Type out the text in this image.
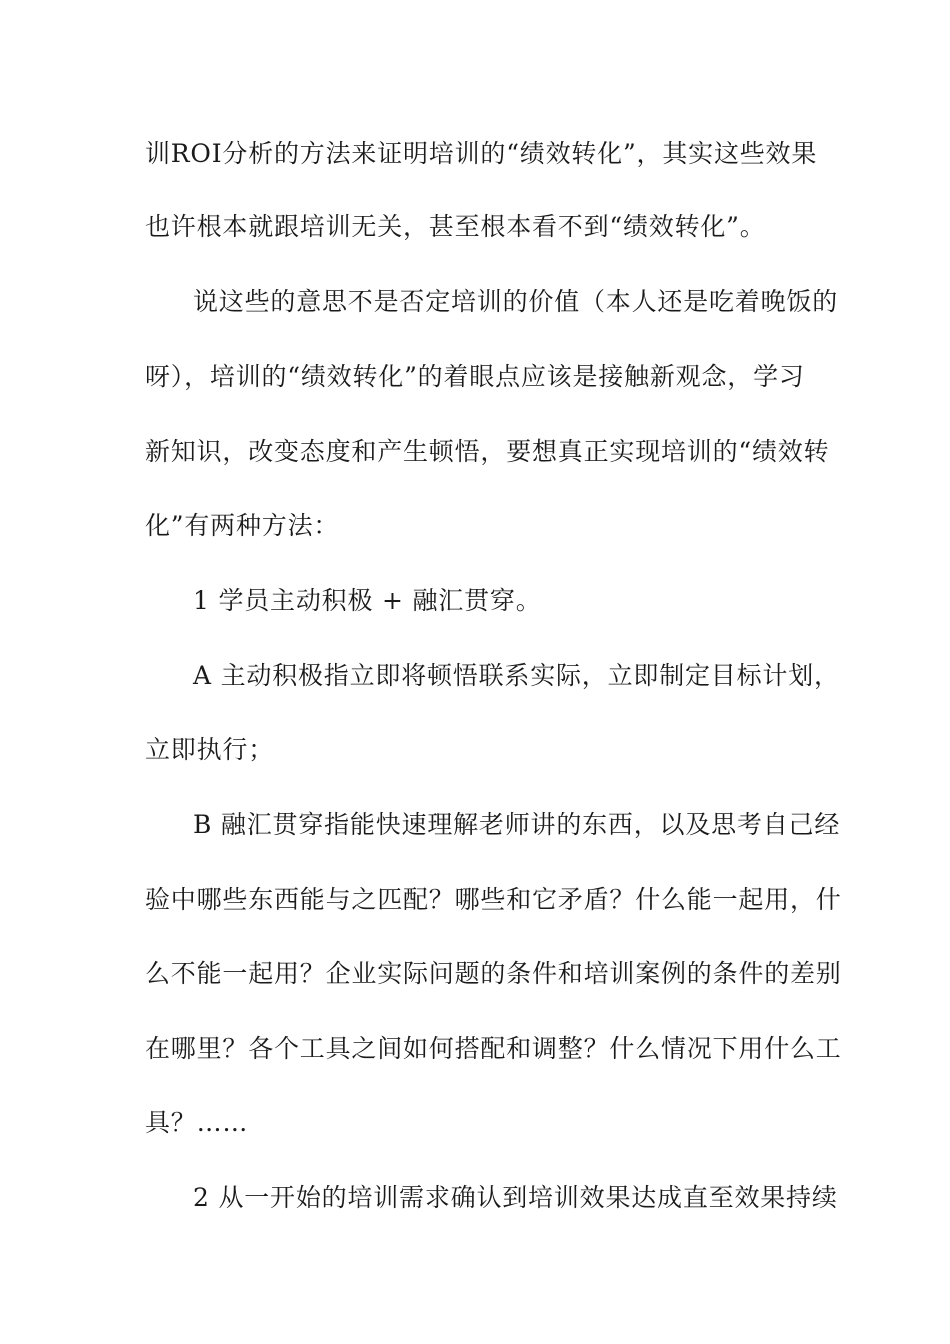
训ROI分析的方法来证明培训的“绩效转化”，其实这些效果
也许根本就跟培训无关，甚至根本看不到“绩效转化”。
说这些的意思不是否定培训的价值（本人还是吃着晚饭的
呀），培训的“绩效转化”的着眼点应该是接触新观念，学习
新知识，改变态度和产生顿悟，要想真正实现培训的“绩效转
化”有两种方法：
1 学员主动积极 + 融汇贯穿。
A 主动积极指立即将顿悟联系实际，立即制定目标计划，
立即执行；
B 融汇贯穿指能快速理解老师讲的东西，以及思考自己经
验中哪些东西能与之匹配？哪些和它矛盾？什么能一起用，什
么不能一起用？企业实际问题的条件和培训案例的条件的差别
在哪里？各个工具之间如何搭配和调整？什么情况下用什么工
具？……
2 从一开始的培训需求确认到培训效果达成直至效果持续
